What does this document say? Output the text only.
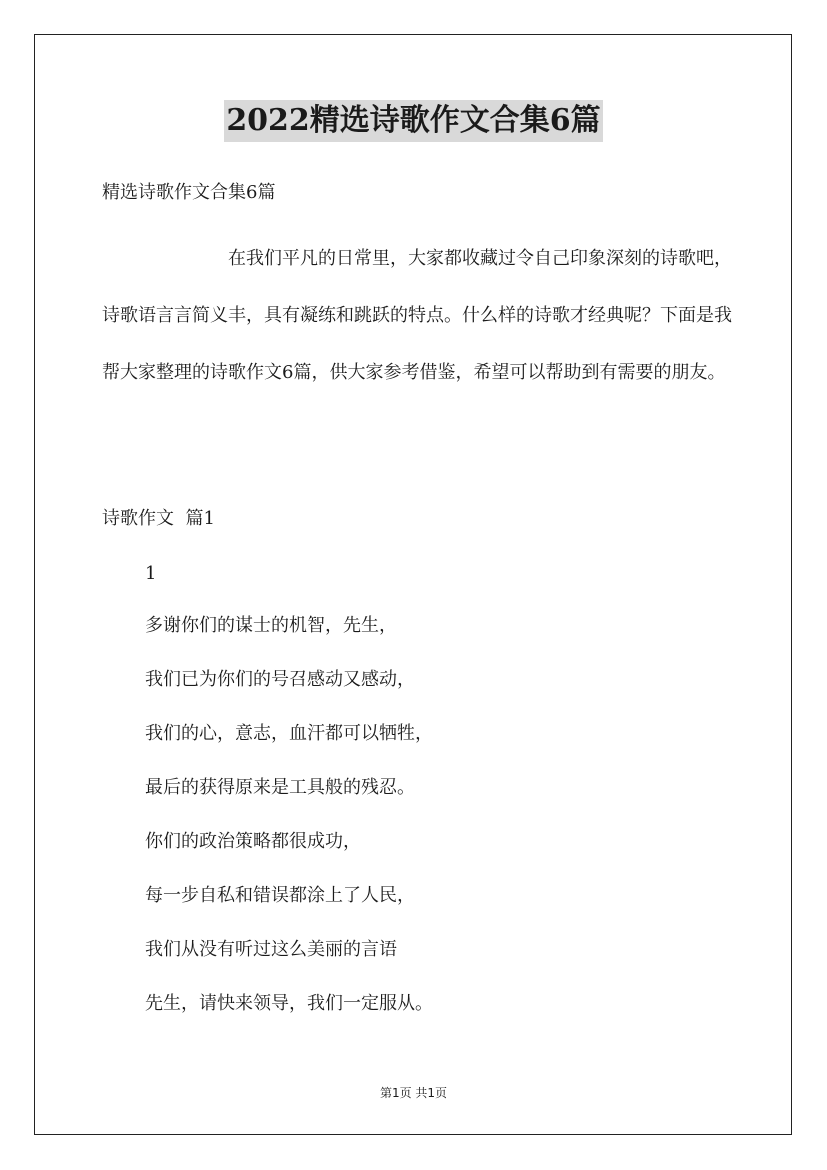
2022精选诗歌作文合集6篇
精选诗歌作文合集6篇

在我们平凡的日常里，大家都收藏过令自己印象深刻的诗歌吧，诗歌语言言简义丰，具有凝练和跳跃的特点。什么样的诗歌才经典呢？下面是我帮大家整理的诗歌作文6篇，供大家参考借鉴，希望可以帮助到有需要的朋友。

诗歌作文  篇1
1
多谢你们的谋士的机智，先生，
我们已为你们的号召感动又感动，
我们的心，意志，血汗都可以牺牲，
最后的获得原来是工具般的残忍。
你们的政治策略都很成功，
每一步自私和错误都涂上了人民，
我们从没有听过这么美丽的言语
先生，请快来领导，我们一定服从。
第1页 共1页
